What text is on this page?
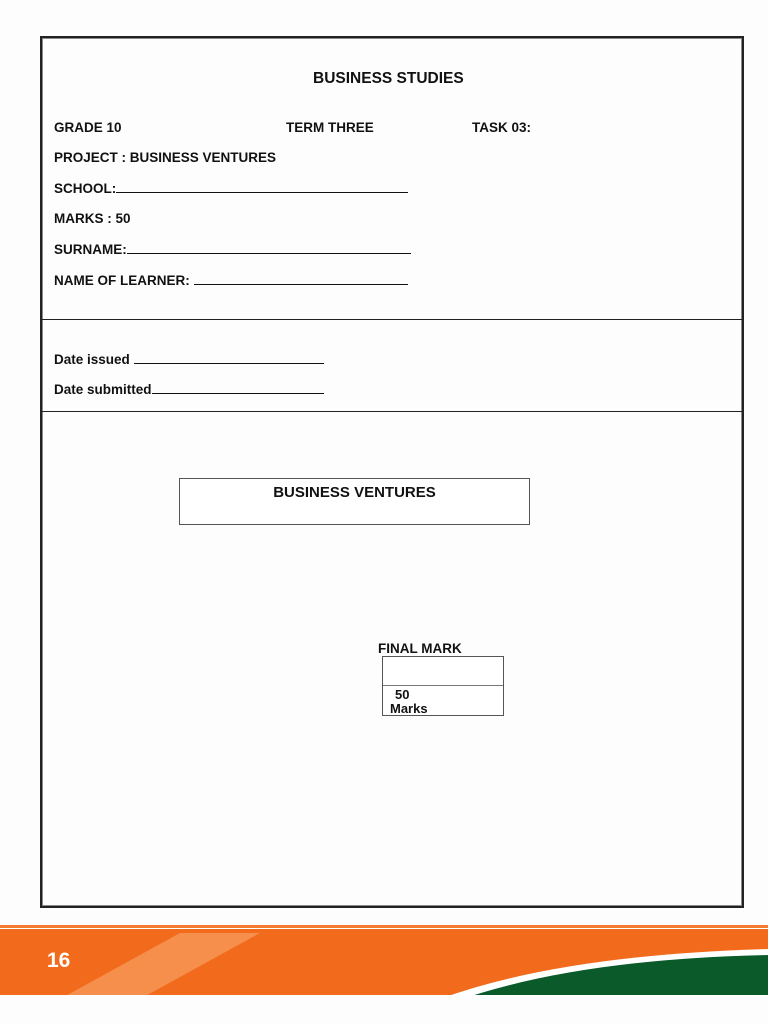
BUSINESS STUDIES
GRADE 10	TERM THREE	TASK 03:
PROJECT : BUSINESS VENTURES
SCHOOL:
MARKS : 50
SURNAME:
NAME OF LEARNER:
Date issued
Date submitted
BUSINESS VENTURES
FINAL MARK
50
Marks
16
